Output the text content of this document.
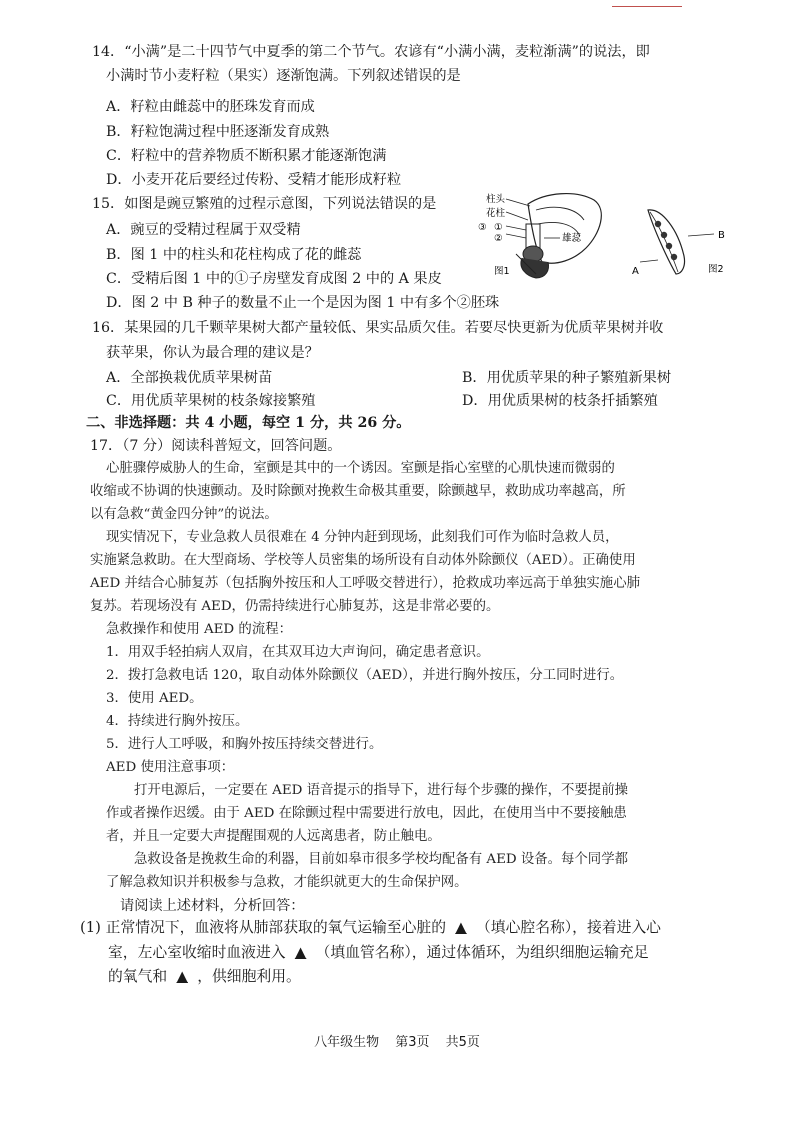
14．“小满”是二十四节气中夏季的第二个节气。农谚有“小满小满，麦粒渐满”的说法，即
小满时节小麦籽粒（果实）逐渐饱满。下列叙述错误的是
A．籽粒由雌蕊中的胚珠发育而成
B．籽粒饱满过程中胚逐渐发育成熟
C．籽粒中的营养物质不断积累才能逐渐饱满
D．小麦开花后要经过传粉、受精才能形成籽粒
15．如图是豌豆繁殖的过程示意图，下列说法错误的是
A．豌豆的受精过程属于双受精
B．图 1 中的柱头和花柱构成了花的雌蕊
C．受精后图 1 中的①子房壁发育成图 2 中的 A 果皮
D．图 2 中 B 种子的数量不止一个是因为图 1 中有多个②胚珠
柱头
花柱
③ ①
②	雄蕊
图1
B
A	图2
16．某果园的几千颗苹果树大都产量较低、果实品质欠佳。若要尽快更新为优质苹果树并收
获苹果，你认为最合理的建议是？
A．全部换栽优质苹果树苗	B．用优质苹果的种子繁殖新果树
C．用优质苹果树的枝条嫁接繁殖	D．用优质果树的枝条扦插繁殖
二、非选择题：共 4 小题，每空 1 分，共 26 分。
17．（7 分）阅读科普短文，回答问题。
心脏骤停威胁人的生命，室颤是其中的一个诱因。室颤是指心室壁的心肌快速而微弱的
收缩或不协调的快速颤动。及时除颤对挽救生命极其重要，除颤越早，救助成功率越高，所
以有急救“黄金四分钟”的说法。
现实情况下，专业急救人员很难在 4 分钟内赶到现场，此刻我们可作为临时急救人员，
实施紧急救助。在大型商场、学校等人员密集的场所设有自动体外除颤仪（AED）。正确使用
AED 并结合心肺复苏（包括胸外按压和人工呼吸交替进行），抢救成功率远高于单独实施心肺
复苏。若现场没有 AED，仍需持续进行心肺复苏，这是非常必要的。
急救操作和使用 AED 的流程：
1．用双手轻拍病人双肩，在其双耳边大声询问，确定患者意识。
2．拨打急救电话 120，取自动体外除颤仪（AED），并进行胸外按压，分工同时进行。
3．使用 AED。
4．持续进行胸外按压。
5．进行人工呼吸，和胸外按压持续交替进行。
AED 使用注意事项：
打开电源后，一定要在 AED 语音提示的指导下，进行每个步骤的操作，不要提前操
作或者操作迟缓。由于 AED 在除颤过程中需要进行放电，因此，在使用当中不要接触患
者，并且一定要大声提醒围观的人远离患者，防止触电。
急救设备是挽救生命的利器，目前如皋市很多学校均配备有 AED 设备。每个同学都
了解急救知识并积极参与急救，才能织就更大的生命保护网。
请阅读上述材料，分析回答：
(1) 正常情况下，血液将从肺部获取的氧气运输至心脏的 ▲ （填心腔名称），接着进入心
室，左心室收缩时血液进入 ▲ （填血管名称），通过体循环，为组织细胞运输充足
的氧气和 ▲ ，供细胞利用。
八年级生物 第3页 共5页
